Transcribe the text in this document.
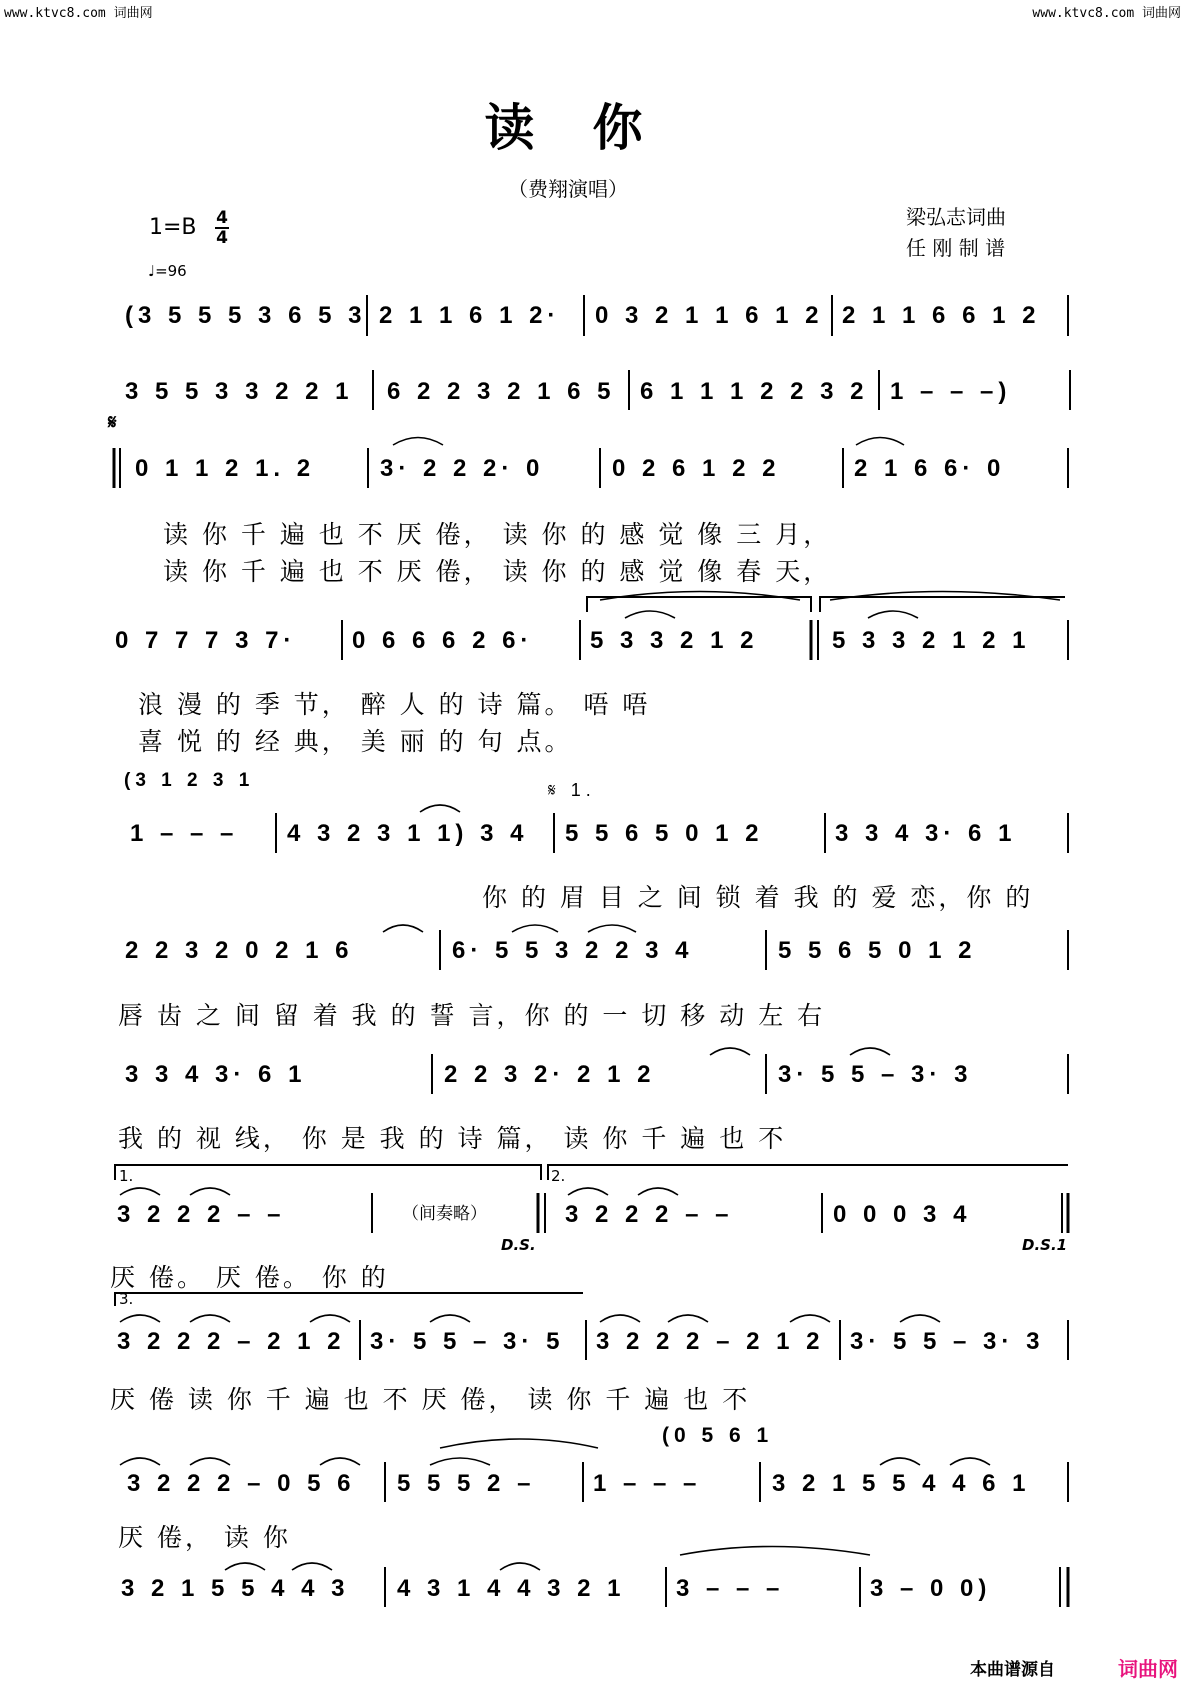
www.ktvc8.com 词曲网	www.ktvc8.com 词曲网
读你
（费翔演唱）
梁弘志词曲
任 刚 制 谱
1=B 4
4
♩=96
(3 5 5 5 3 6 5 3 2 1 1 6 1 2· 0 3 2 1 1 6 1 2 2 1 1 6 6 1 2
3 5 5 3 3 2 2 1 6 2 2 3 2 1 6 5 6 1 1 1 2 2 3 2 1 – – –)
𝄋
0 1 1 2 1. 2	3· 2 2 2· 0	0 2 6 1 2 2	2 1 6 6· 0
读 你 千 遍 也 不 厌 倦， 读 你 的 感 觉 像 三 月，
读 你 千 遍 也 不 厌 倦， 读 你 的 感 觉 像 春 天，
0 7 7 7 3 7· 0 6 6 6 2 6· 5 3 3 2 1 2	5 3 3 2 1 2 1
浪 漫 的 季 节， 醉 人 的 诗 篇。 唔 唔
喜 悦 的 经 典， 美 丽 的 句 点。
(3 1 2 3 1	𝄋 1.
1 – – – 4 3 2 3 1 1) 3 4 5 5 6 5 0 1 2	3 3 4 3· 6 1
你 的 眉 目 之 间 锁 着 我 的 爱 恋，你 的
2 2 3 2 0 2 1 6	6· 5 5 3 2 2 3 4	5 5 6 5 0 1 2
唇 齿 之 间 留 着 我 的 誓 言，你 的 一 切 移 动 左 右
3 3 4 3· 6 1	2 2 3 2· 2 1 2	3· 5 5 – 3· 3
我 的 视 线， 你 是 我 的 诗 篇， 读 你 千 遍 也 不
1.	2.
3 2 2 2 – –	（间奏略）
D.S.
3 2 2 2 – –	0 0 0 3 4
D.S.1
厌 倦。 厌 倦。 你 的
3.
3 2 2 2 – 2 1 2 3· 5 5 – 3· 5 3 2 2 2 – 2 1 2 3· 5 5 – 3· 3
厌 倦 读 你 千 遍 也 不 厌 倦， 读 你 千 遍 也 不
(0 5 6 1
3 2 2 2 – 0 5 6 5 5 5 2 – 1 – – –	3 2 1 5 5 4 4 6 1
厌 倦， 读 你
3 2 1 5 5 4 4 3 4 3 1 4 4 3 2 1 3 – – –	3 – 0 0)
本曲谱源自	词曲网
